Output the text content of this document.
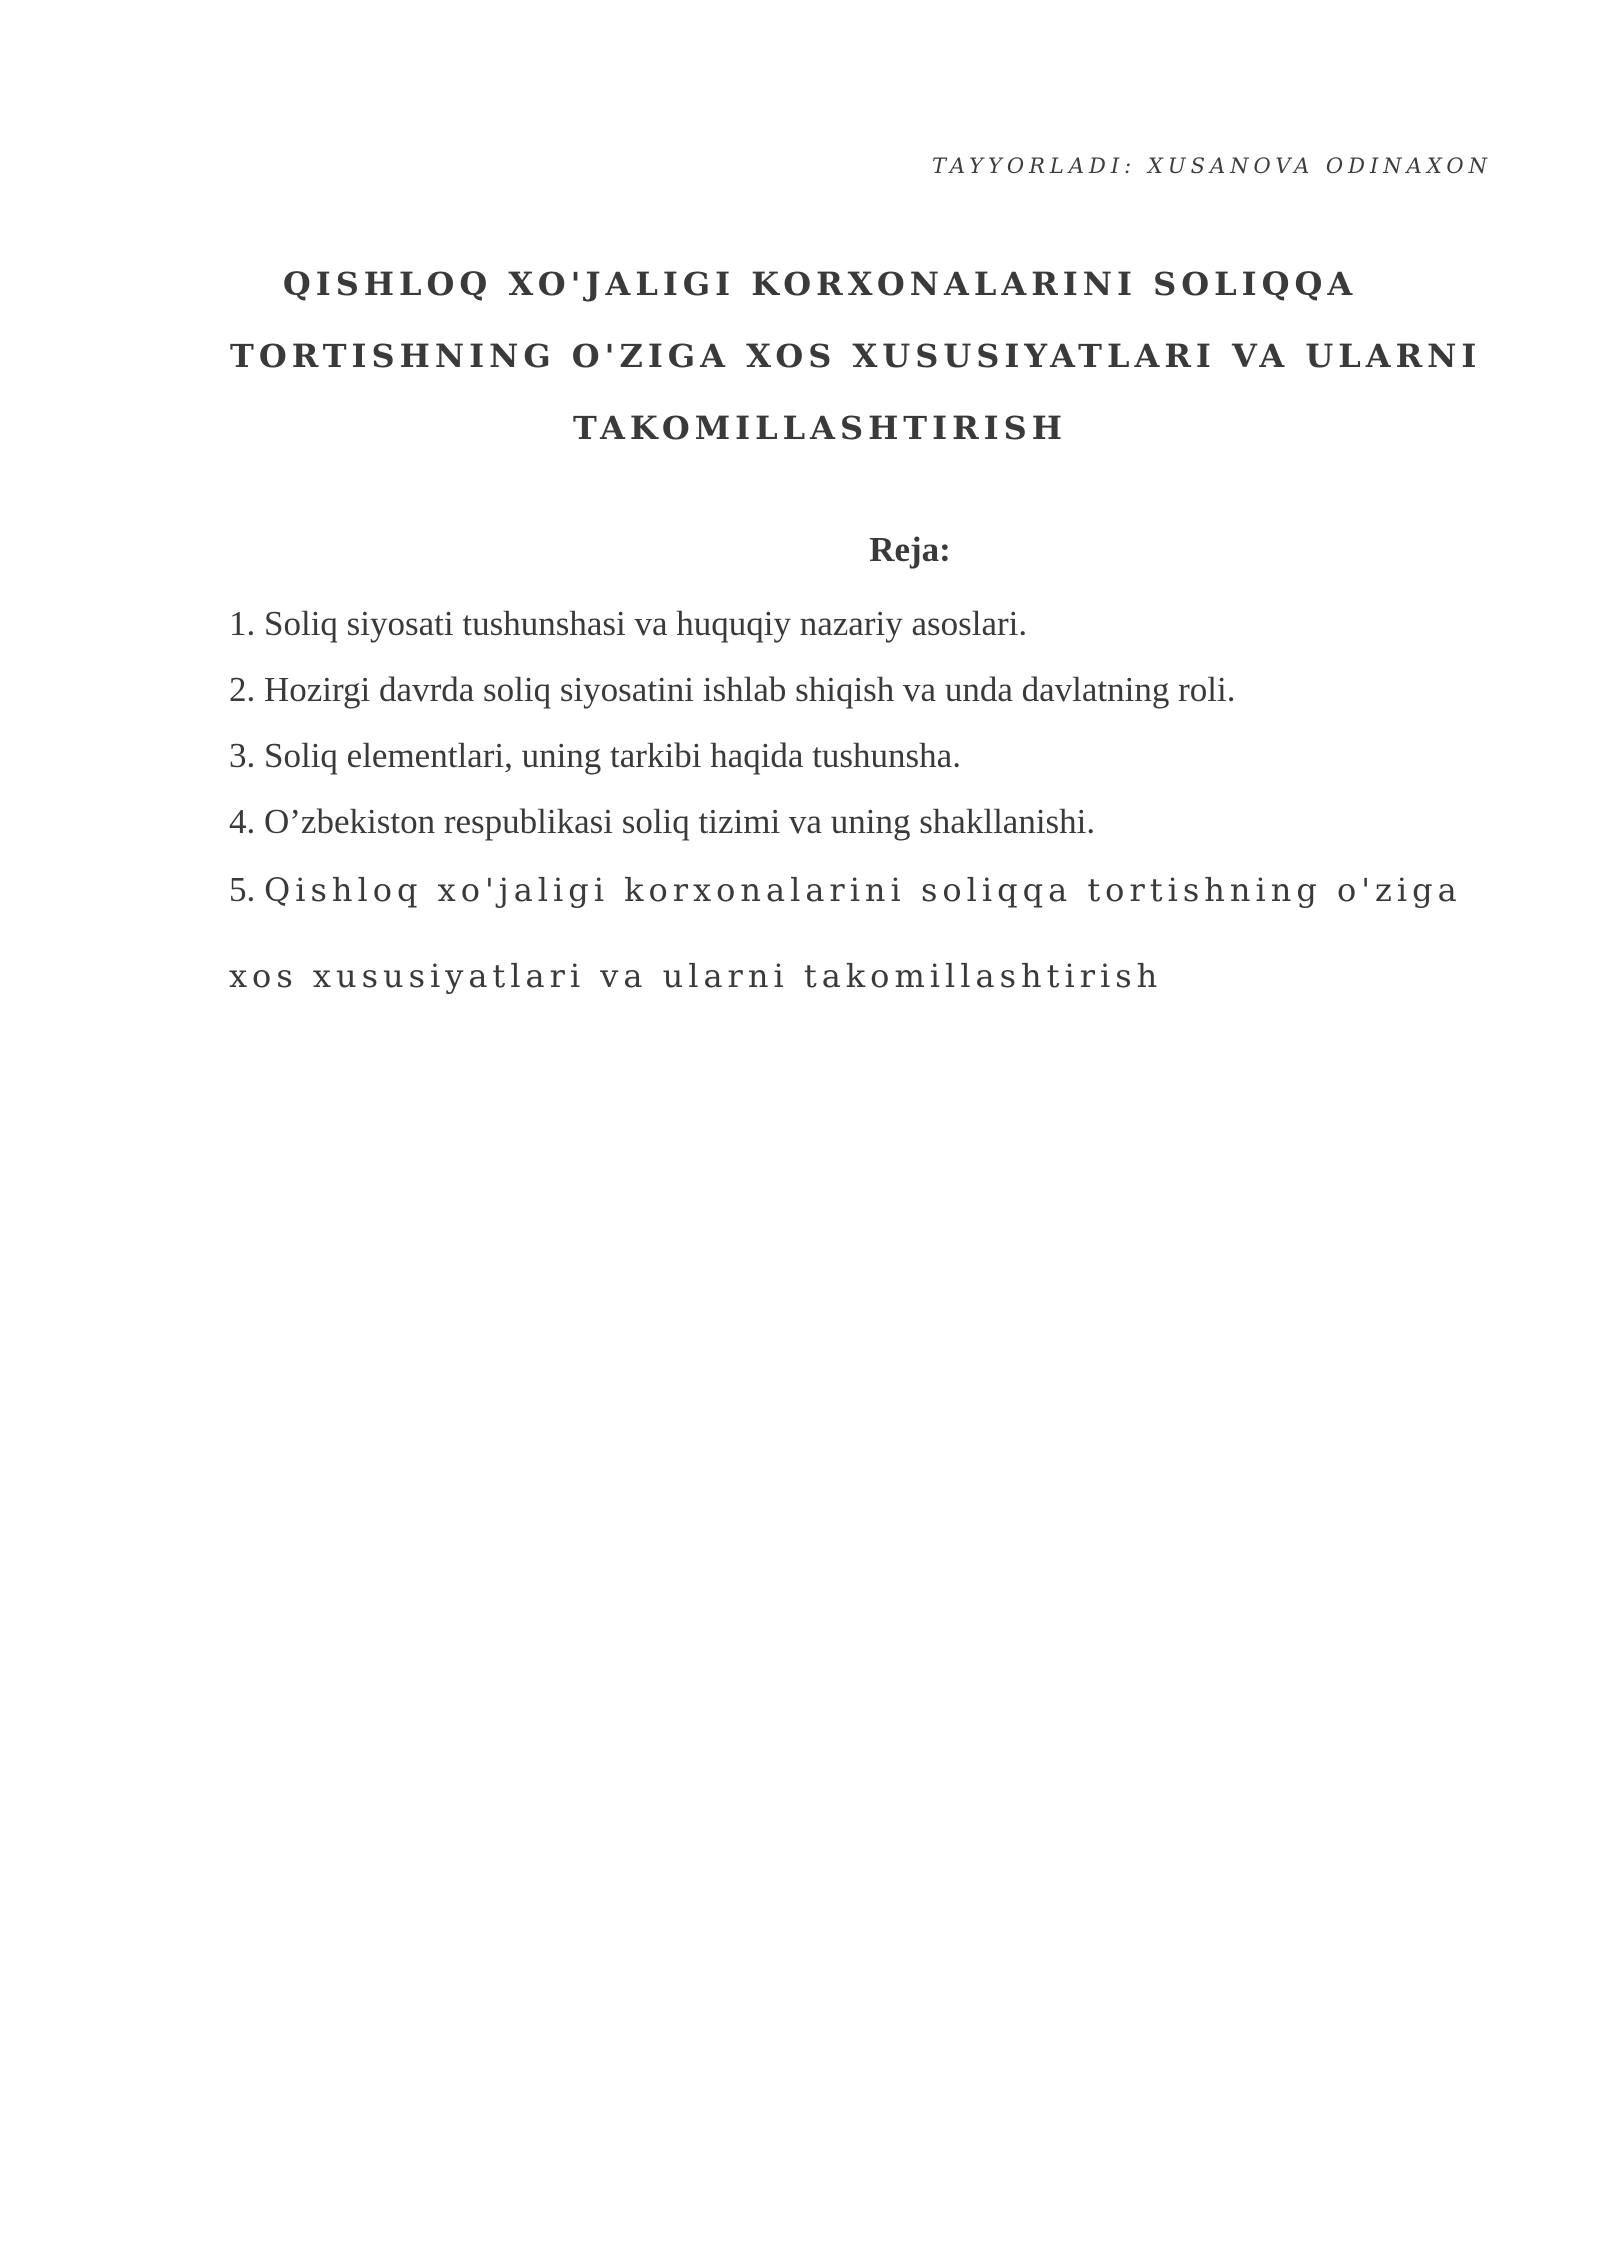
TAYYORLADI: XUSANOVA ODINAXON
QISHLOQ XO'JALIGI KORXONALARINI SOLIQQA
TORTISHNING O'ZIGA XOS XUSUSIYATLARI VA ULARNI
TAKOMILLASHTIRISH
Reja:
1. Soliq siyosati tushunshasi va huquqiy nazariy asoslari.
2. Hozirgi davrda soliq siyosatini ishlab shiqish va unda davlatning roli.
3. Soliq elementlari, uning tarkibi haqida tushunsha.
4. O’zbekiston respublikasi soliq tizimi va uning shakllanishi.
5. Qishloq xo'jaligi korxonalarini soliqqa tortishning o'ziga xos xususiyatlari va ularni takomillashtirish
